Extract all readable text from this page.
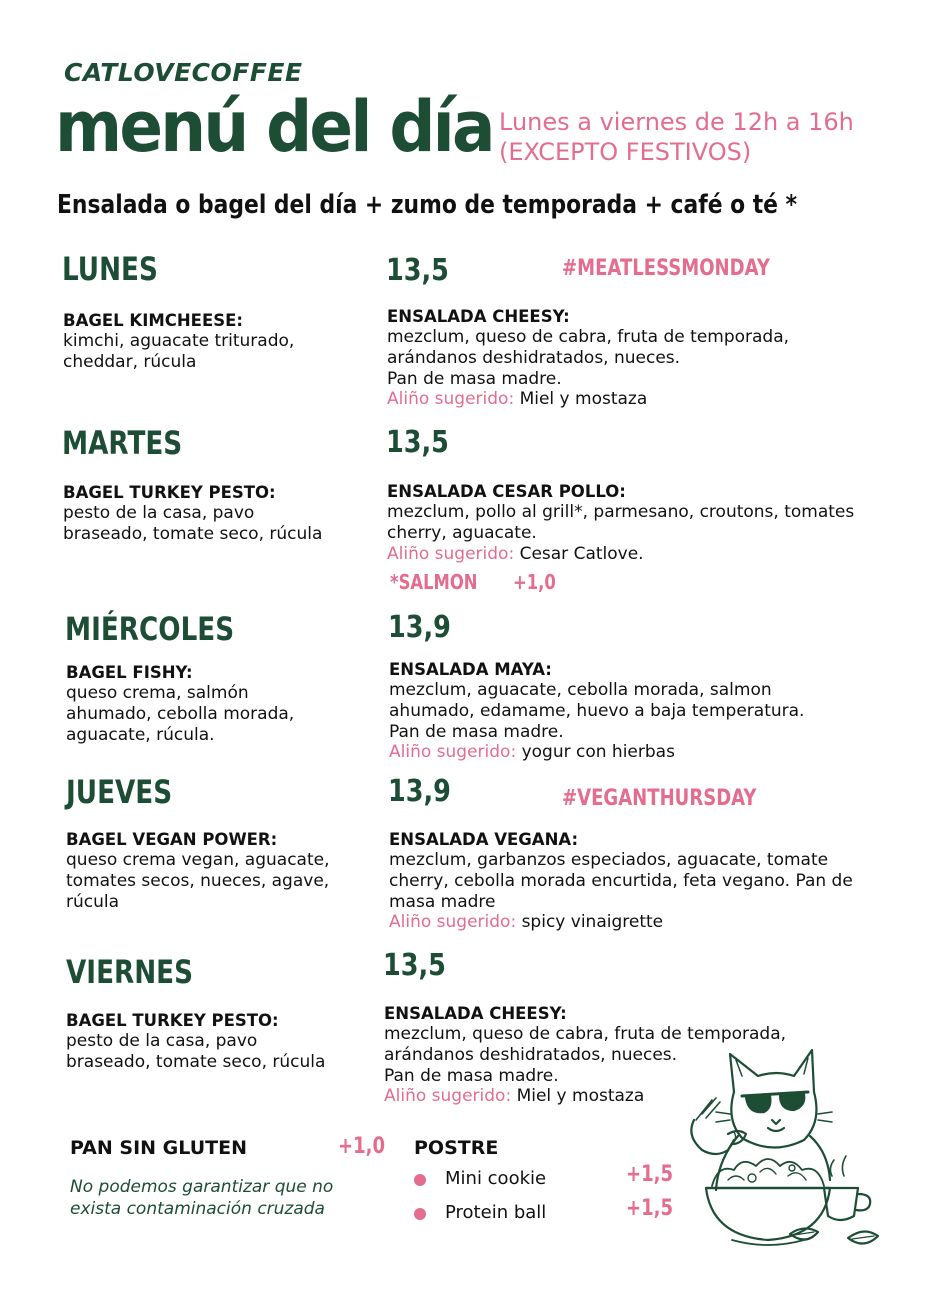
CATLOVECOFFEE
menú del día Lunes a viernes de 12h a 16h
(EXCEPTO FESTIVOS)
Ensalada o bagel del día + zumo de temporada + café o té *
LUNES	13,5	#MEATLESSMONDAY
BAGEL KIMCHEESE:
kimchi, aguacate triturado, cheddar, rúcula
ENSALADA CHEESY:
mezclum, queso de cabra, fruta de temporada, arándanos deshidratados, nueces.
Pan de masa madre.
Aliño sugerido: Miel y mostaza
MARTES	13,5
BAGEL TURKEY PESTO:
pesto de la casa, pavo braseado, tomate seco, rúcula
ENSALADA CESAR POLLO:
mezclum, pollo al grill*, parmesano, croutons, tomates cherry, aguacate.
Aliño sugerido: Cesar Catlove.
*SALMON +1,0
MIÉRCOLES	13,9
BAGEL FISHY:
queso crema, salmón ahumado, cebolla morada, aguacate, rúcula.
ENSALADA MAYA:
mezclum, aguacate, cebolla morada, salmon ahumado, edamame, huevo a baja temperatura.
Pan de masa madre.
Aliño sugerido: yogur con hierbas
JUEVES	13,9	#VEGANTHURSDAY
BAGEL VEGAN POWER:
queso crema vegan, aguacate, tomates secos, nueces, agave, rúcula
ENSALADA VEGANA:
mezclum, garbanzos especiados, aguacate, tomate cherry, cebolla morada encurtida, feta vegano. Pan de masa madre
Aliño sugerido: spicy vinaigrette
VIERNES	13,5
BAGEL TURKEY PESTO:
pesto de la casa, pavo braseado, tomate seco, rúcula
ENSALADA CHEESY:
mezclum, queso de cabra, fruta de temporada, arándanos deshidratados, nueces.
Pan de masa madre.
Aliño sugerido: Miel y mostaza
PAN SIN GLUTEN	+1,0
No podemos garantizar que no exista contaminación cruzada
POSTRE
Mini cookie	+1,5
Protein ball	+1,5
